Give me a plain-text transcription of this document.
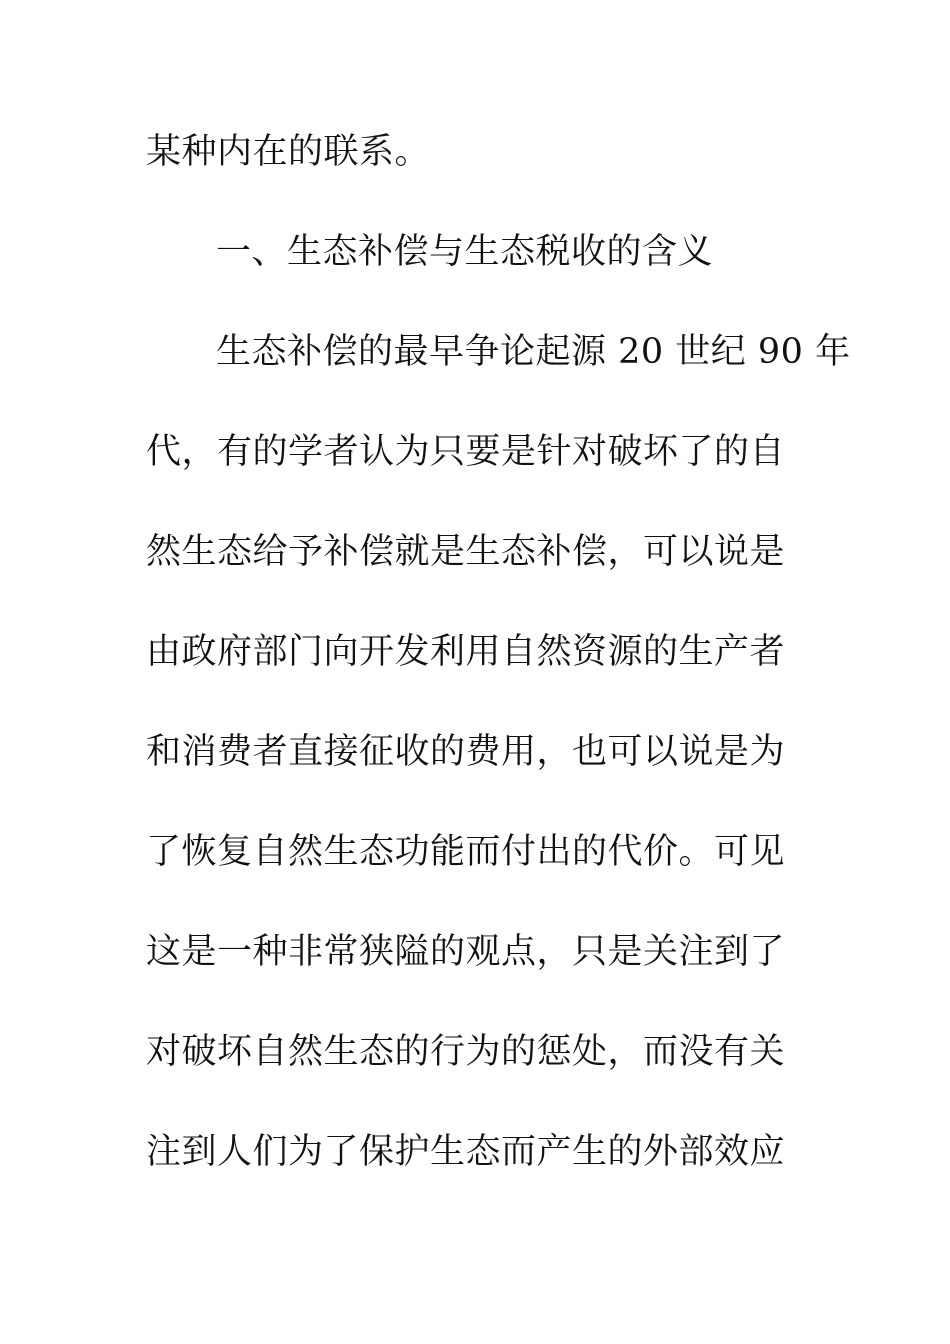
某种内在的联系。
一、生态补偿与生态税收的含义
生态补偿的最早争论起源 20 世纪 90 年
代，有的学者认为只要是针对破坏了的自
然生态给予补偿就是生态补偿，可以说是
由政府部门向开发利用自然资源的生产者
和消费者直接征收的费用，也可以说是为
了恢复自然生态功能而付出的代价。可见
这是一种非常狭隘的观点，只是关注到了
对破坏自然生态的行为的惩处，而没有关
注到人们为了保护生态而产生的外部效应
